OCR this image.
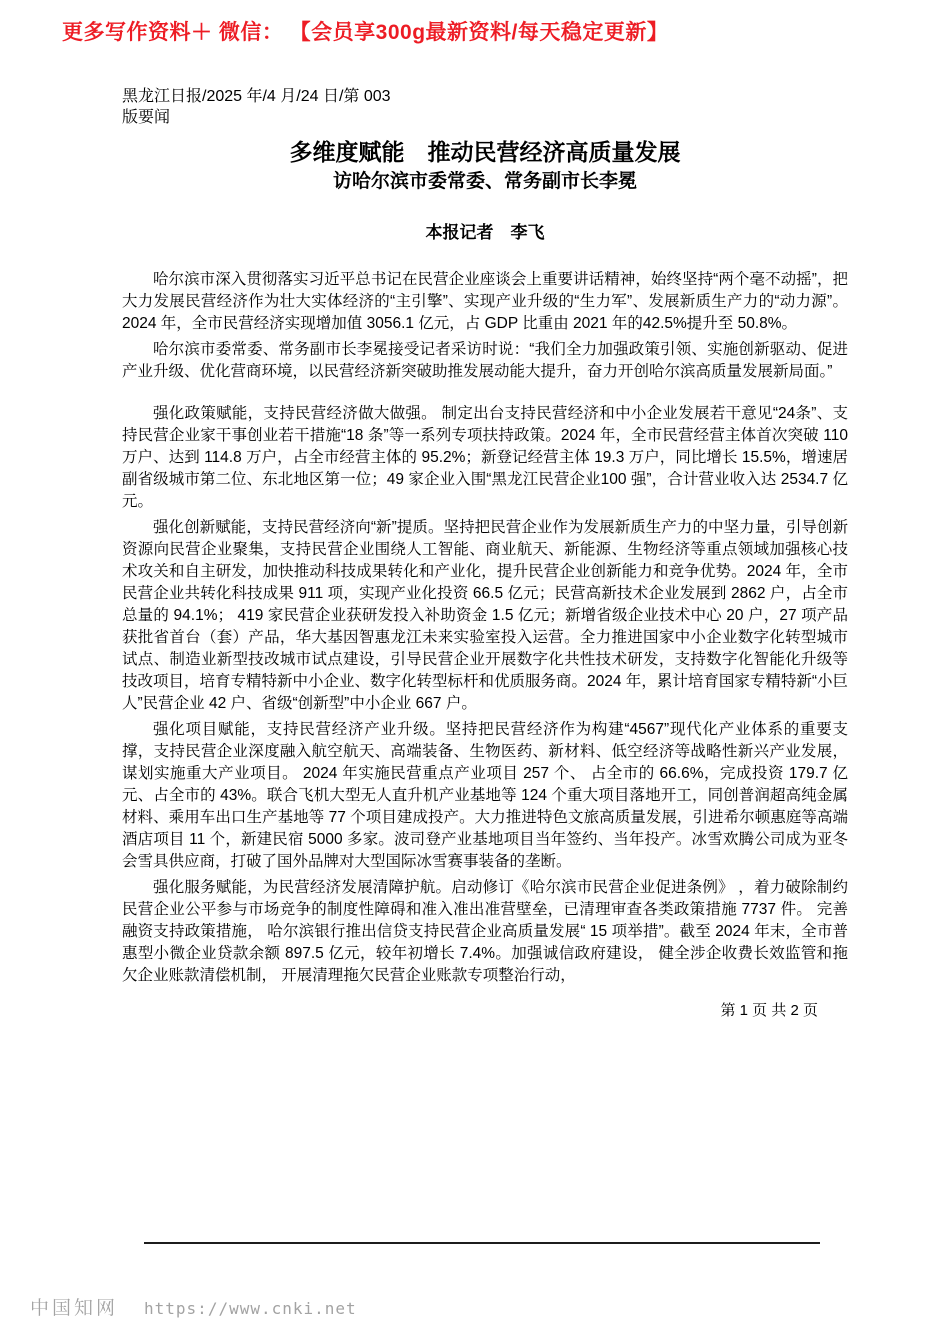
更多写作资料＋ 微信： 【会员享300g最新资料/每天稳定更新】
黑龙江日报/2025 年/4 月/24 日/第 003
版要闻
多维度赋能　推动民营经济高质量发展
访哈尔滨市委常委、常务副市长李冕
本报记者　李飞

哈尔滨市深入贯彻落实习近平总书记在民营企业座谈会上重要讲话精神，始终坚持“两个毫不动摇”，把大力发展民营经济作为壮大实体经济的“主引擎”、实现产业升级的“生力军”、发展新质生产力的“动力源”。 2024 年，全市民营经济实现增加值 3056.1 亿元，占 GDP 比重由 2021 年的42.5%提升至 50.8%。

哈尔滨市委常委、常务副市长李冕接受记者采访时说：“我们全力加强政策引领、实施创新驱动、促进产业升级、优化营商环境，以民营经济新突破助推发展动能大提升，奋力开创哈尔滨高质量发展新局面。”

强化政策赋能，支持民营经济做大做强。 制定出台支持民营经济和中小企业发展若干意见“24条”、支持民营企业家干事创业若干措施“18 条”等一系列专项扶持政策。2024 年，全市民营经营主体首次突破 110 万户、达到 114.8 万户，占全市经营主体的 95.2%；新登记经营主体 19.3 万户，同比增长 15.5%，增速居副省级城市第二位、东北地区第一位；49 家企业入围“黑龙江民营企业100 强”，合计营业收入达 2534.7 亿元。

强化创新赋能，支持民营经济向“新”提质。坚持把民营企业作为发展新质生产力的中坚力量，引导创新资源向民营企业聚集，支持民营企业围绕人工智能、商业航天、新能源、生物经济等重点领域加强核心技术攻关和自主研发，加快推动科技成果转化和产业化，提升民营企业创新能力和竞争优势。2024 年，全市民营企业共转化科技成果 911 项，实现产业化投资 66.5 亿元；民营高新技术企业发展到 2862 户，占全市总量的 94.1%； 419 家民营企业获研发投入补助资金 1.5 亿元；新增省级企业技术中心 20 户，27 项产品获批省首台（套）产品，华大基因智惠龙江未来实验室投入运营。全力推进国家中小企业数字化转型城市试点、制造业新型技改城市试点建设，引导民营企业开展数字化共性技术研发，支持数字化智能化升级等技改项目，培育专精特新中小企业、数字化转型标杆和优质服务商。2024 年，累计培育国家专精特新“小巨人”民营企业 42 户、省级“创新型”中小企业 667 户。

强化项目赋能，支持民营经济产业升级。坚持把民营经济作为构建“4567”现代化产业体系的重要支撑，支持民营企业深度融入航空航天、高端装备、生物医药、新材料、低空经济等战略性新兴产业发展，谋划实施重大产业项目。 2024 年实施民营重点产业项目 257 个、 占全市的 66.6%，完成投资 179.7 亿元、占全市的 43%。联合飞机大型无人直升机产业基地等 124 个重大项目落地开工，同创普润超高纯金属材料、乘用车出口生产基地等 77 个项目建成投产。大力推进特色文旅高质量发展，引进希尔顿惠庭等高端酒店项目 11 个，新建民宿 5000 多家。波司登产业基地项目当年签约、当年投产。冰雪欢腾公司成为亚冬会雪具供应商，打破了国外品牌对大型国际冰雪赛事装备的垄断。

强化服务赋能，为民营经济发展清障护航。启动修订《哈尔滨市民营企业促进条例》 ，着力破除制约民营企业公平参与市场竞争的制度性障碍和准入准出准营壁垒，已清理审查各类政策措施 7737 件。 完善融资支持政策措施， 哈尔滨银行推出信贷支持民营企业高质量发展“ 15 项举措”。截至 2024 年末，全市普惠型小微企业贷款余额 897.5 亿元，较年初增长 7.4%。加强诚信政府建设， 健全涉企收费长效监管和拖欠企业账款清偿机制， 开展清理拖欠民营企业账款专项整治行动，

第 1 页 共 2 页
中国知网 https://www.cnki.net
